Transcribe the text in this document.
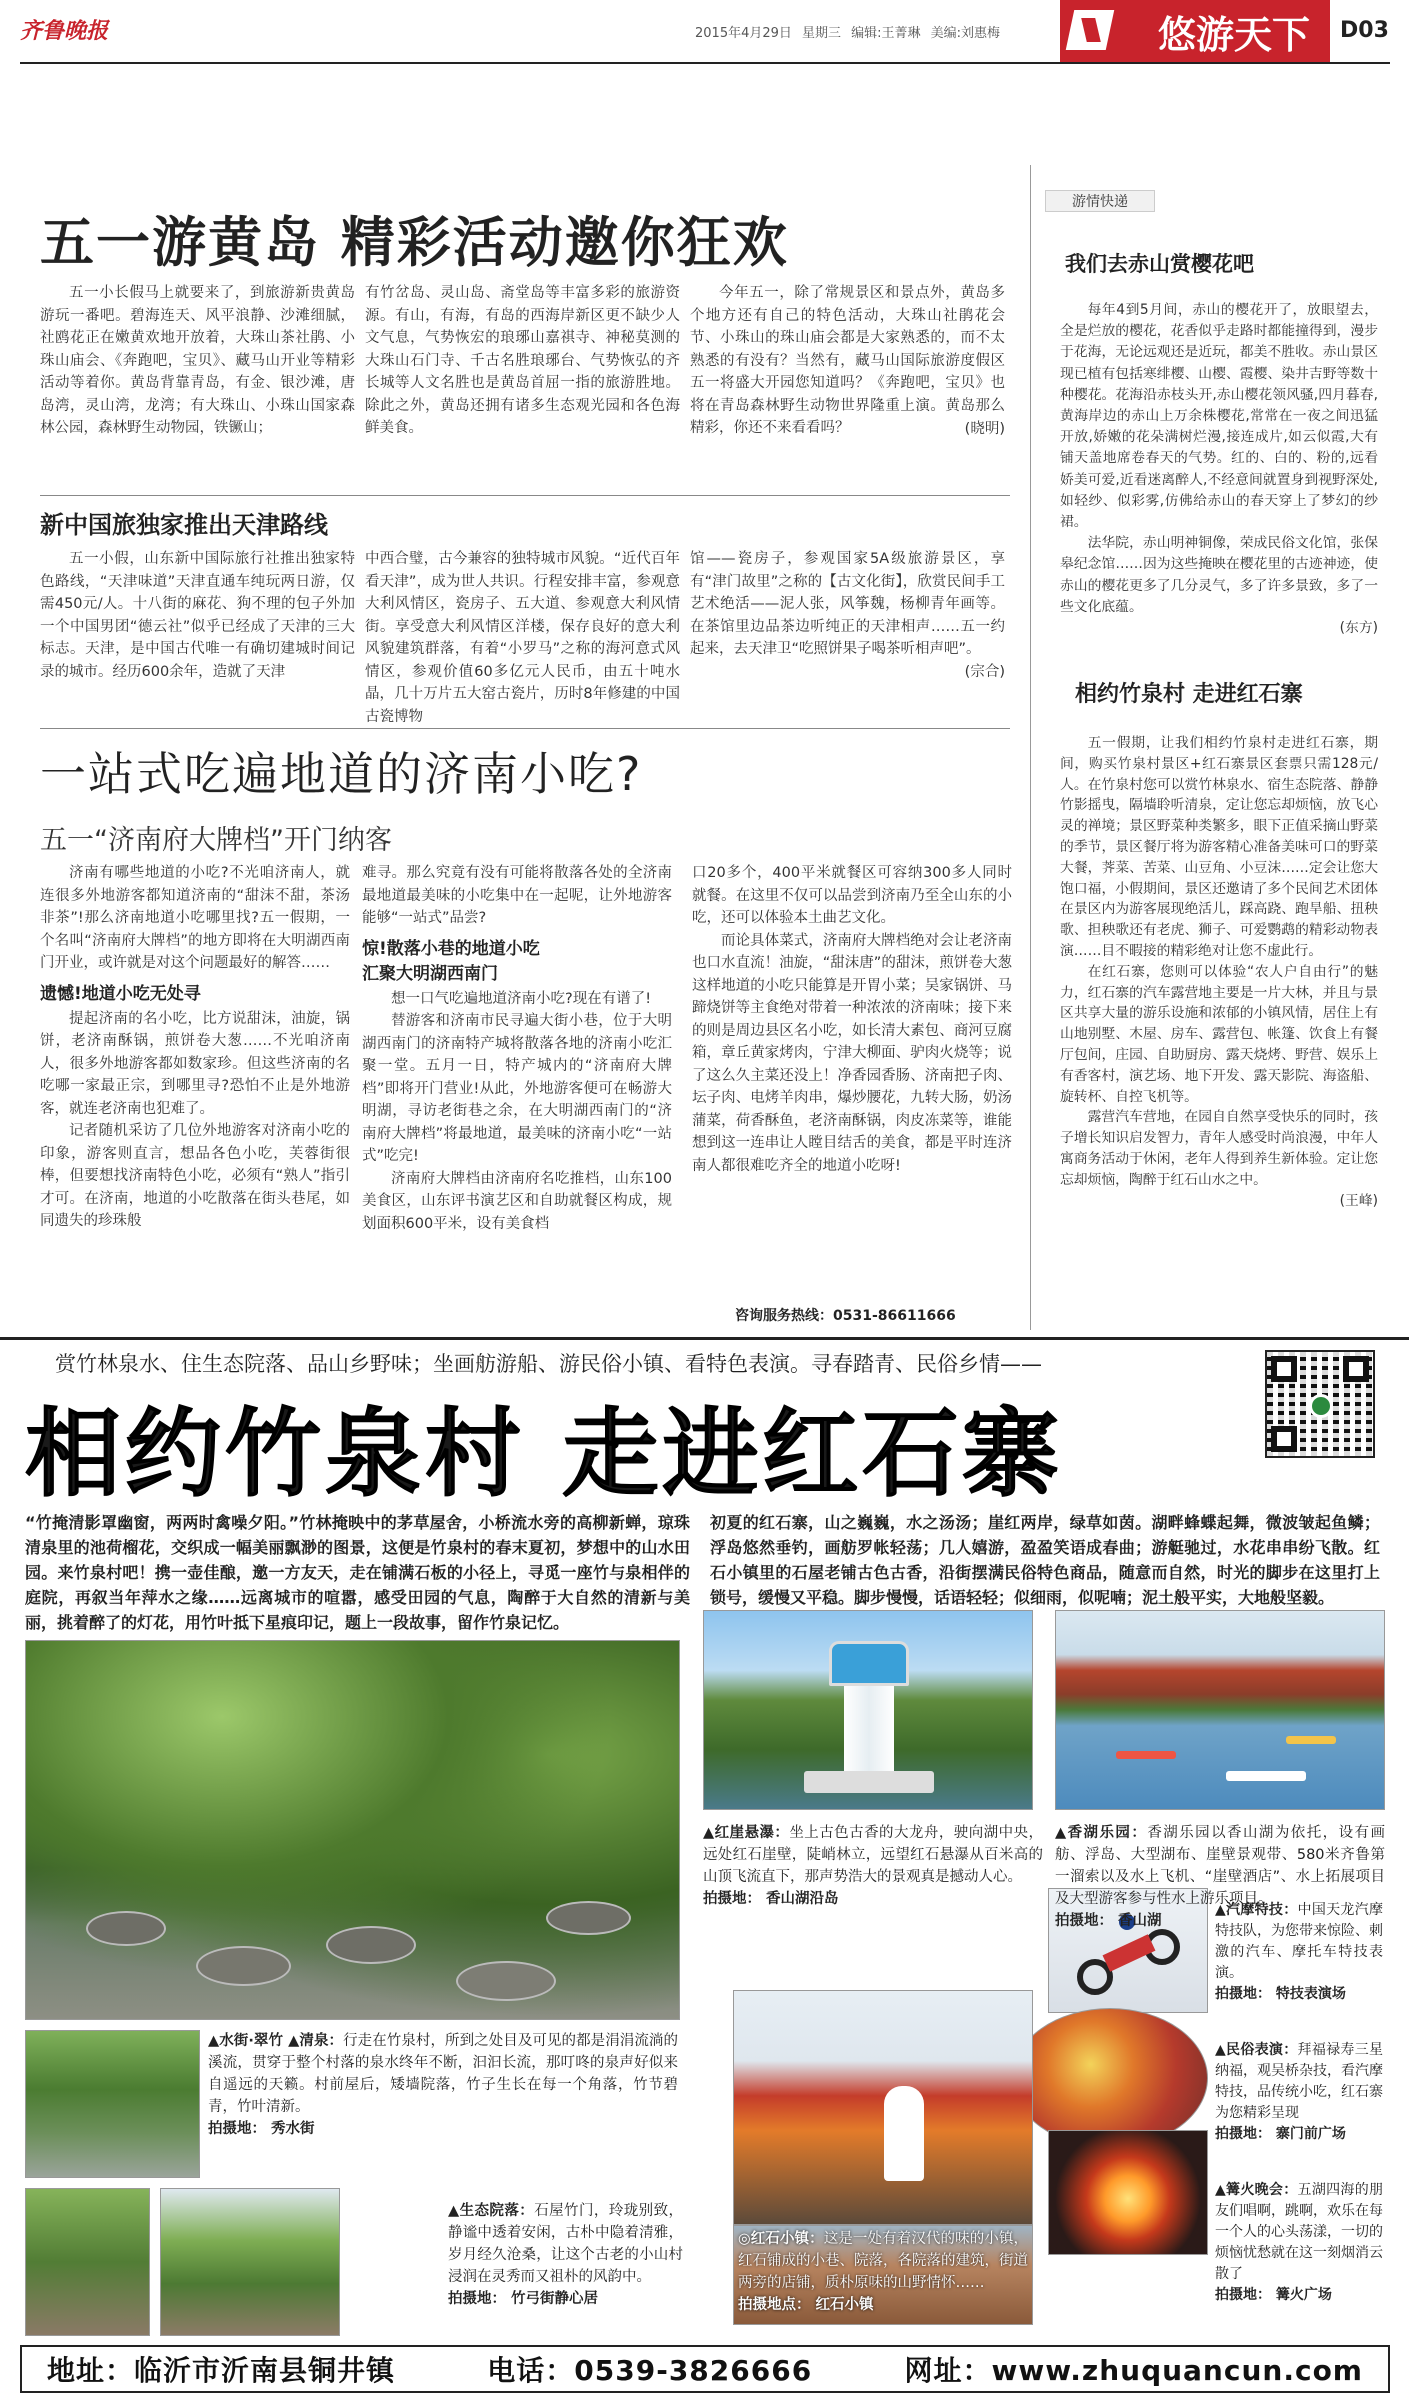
齐鲁晚报	2015年4月29日 星期三 编辑:王菁琳 美编:刘惠梅	悠游天下 D03
游情快递
我们去赤山赏樱花吧

每年4到5月间，赤山的樱花开了，放眼望去，全是烂放的樱花，花香似乎走路时都能撞得到，漫步于花海，无论远观还是近玩，都美不胜收。赤山景区现已植有包括寒绯樱、山樱、霞樱、染井吉野等数十种樱花。花海沿赤枝头开,赤山樱花领风骚,四月暮春,黄海岸边的赤山上万余株樱花,常常在一夜之间迅猛开放,娇嫩的花朵满树烂漫,接连成片,如云似霞,大有铺天盖地席卷春天的气势。红的、白的、粉的,远看娇美可爱,近看迷离醉人,不经意间就置身到视野深处,如轻纱、似彩雾,仿佛给赤山的春天穿上了梦幻的纱裙。

法华院，赤山明神铜像，荣成民俗文化馆，张保皋纪念馆……因为这些掩映在樱花里的古迹神迹，使赤山的樱花更多了几分灵气，多了许多景致，多了一些文化底蕴。

(东方)

相约竹泉村 走进红石寨

五一假期，让我们相约竹泉村走进红石寨，期间，购买竹泉村景区+红石寨景区套票只需128元/人。在竹泉村您可以赏竹林泉水、宿生态院落、静静竹影摇曳，隔墙聆听清泉，定让您忘却烦恼，放飞心灵的禅境；景区野菜种类繁多，眼下正值采摘山野菜的季节，景区餐厅将为游客精心准备美味可口的野菜大餐，荠菜、苦菜、山豆角、小豆沫……定会让您大饱口福，小假期间，景区还邀请了多个民间艺术团体在景区内为游客展现绝活儿，踩高跷、跑旱船、扭秧歌、担秧歌还有老虎、狮子、可爱鹦鹉的精彩动物表演……目不暇接的精彩绝对让您不虚此行。

在红石寨，您则可以体验“农人户自由行”的魅力，红石寨的汽车露营地主要是一片大林，并且与景区共享大量的游乐设施和浓郁的小镇风情，居住上有山地别墅、木屋、房车、露营包、帐篷、饮食上有餐厅包间，庄园、自助厨房、露天烧烤、野营、娱乐上有香客村，演艺场、地下开发、露天影院、海盗船、旋转杯、自控飞机等。

露营汽车营地，在园自自然享受快乐的同时，孩子增长知识启发智力，青年人感受时尚浪漫，中年人寓商务活动于休闲，老年人得到养生新体验。定让您忘却烦恼，陶醉于红石山水之中。

(王峰)

五一游黄岛 精彩活动邀你狂欢

五一小长假马上就要来了，到旅游新贵黄岛游玩一番吧。碧海连天、风平浪静、沙滩细腻，社鸥花正在嫩黄欢地开放着，大珠山茶社鹃、小珠山庙会、《奔跑吧，宝贝》、藏马山开业等精彩活动等着你。黄岛背靠青岛，有金、银沙滩，唐岛湾，灵山湾，龙湾；有大珠山、小珠山国家森林公园，森林野生动物园，铁镢山；

有竹岔岛、灵山岛、斋堂岛等丰富多彩的旅游资源。有山，有海，有岛的西海岸新区更不缺少人文气息，气势恢宏的琅琊山嘉祺寺、神秘莫测的大珠山石门寺、千古名胜琅琊台、气势恢弘的齐长城等人文名胜也是黄岛首屈一指的旅游胜地。除此之外，黄岛还拥有诸多生态观光园和各色海鲜美食。

今年五一，除了常规景区和景点外，黄岛多个地方还有自己的特色活动，大珠山社鹃花会节、小珠山的珠山庙会都是大家熟悉的，而不太熟悉的有没有？当然有，藏马山国际旅游度假区五一将盛大开园您知道吗？《奔跑吧，宝贝》也将在青岛森林野生动物世界隆重上演。黄岛那么精彩，你还不来看看吗？	(晓明)

新中国旅独家推出天津路线

五一小假，山东新中国际旅行社推出独家特色路线，“天津味道”天津直通车纯玩两日游，仅需450元/人。十八街的麻花、狗不理的包子外加一个中国男团“德云社”似乎已经成了天津的三大标志。天津，是中国古代唯一有确切建城时间记录的城市。经历600余年，造就了天津

中西合璧，古今兼容的独特城市风貌。“近代百年看天津”，成为世人共识。行程安排丰富，参观意大利风情区，瓷房子、五大道、参观意大利风情街。享受意大利风情区洋楼，保存良好的意大利风貌建筑群落，有着“小罗马”之称的海河意式风情区，参观价值60多亿元人民币，由五十吨水晶，几十万片五大窑古瓷片，历时8年修建的中国古瓷博物

馆——瓷房子，参观国家5A级旅游景区，享有“津门故里”之称的【古文化街】，欣赏民间手工艺术绝活——泥人张，风筝魏，杨柳青年画等。在茶馆里边品茶边听纯正的天津相声……五一约起来，去天津卫“吃照饼果子喝茶听相声吧”。

(宗合)

一站式吃遍地道的济南小吃?
五一“济南府大牌档”开门纳客

济南有哪些地道的小吃?不光咱济南人，就连很多外地游客都知道济南的“甜沫不甜，茶汤非茶”!那么济南地道小吃哪里找?五一假期，一个名叫“济南府大牌档”的地方即将在大明湖西南门开业，或许就是对这个问题最好的解答……

遗憾!地道小吃无处寻

提起济南的名小吃，比方说甜沫，油旋，锅饼，老济南酥锅，煎饼卷大葱……不光咱济南人，很多外地游客都如数家珍。但这些济南的名吃哪一家最正宗，到哪里寻?恐怕不止是外地游客，就连老济南也犯难了。

记者随机采访了几位外地游客对济南小吃的印象，游客则直言，想品各色小吃，芙蓉街很棒，但要想找济南特色小吃，必须有“熟人”指引才可。在济南，地道的小吃散落在街头巷尾，如同遗失的珍珠般

难寻。那么究竟有没有可能将散落各处的全济南最地道最美味的小吃集中在一起呢，让外地游客能够“一站式”品尝?

惊!散落小巷的地道小吃
汇聚大明湖西南门

想一口气吃遍地道济南小吃?现在有谱了!

替游客和济南市民寻遍大街小巷，位于大明湖西南门的济南特产城将散落各地的济南小吃汇聚一堂。五月一日，特产城内的“济南府大牌档”即将开门营业!从此，外地游客便可在畅游大明湖，寻访老街巷之余，在大明湖西南门的“济南府大牌档”将最地道，最美味的济南小吃“一站式”吃完!

济南府大牌档由济南府名吃推档，山东100美食区，山东评书演艺区和自助就餐区构成，规划面积600平米，设有美食档

口20多个，400平米就餐区可容纳300多人同时就餐。在这里不仅可以品尝到济南乃至全山东的小吃，还可以体验本土曲艺文化。

而论具体菜式，济南府大牌档绝对会让老济南也口水直流！油旋，“甜沫唐”的甜沫，煎饼卷大葱这样地道的小吃只能算是开胃小菜；吴家锅饼、马蹄烧饼等主食绝对带着一种浓浓的济南味；接下来的则是周边县区名小吃，如长清大素包、商河豆腐箱，章丘黄家烤肉，宁津大柳面、驴肉火烧等；说了这么久主菜还没上！净香园香肠、济南把子肉、坛子肉、电烤羊肉串，爆炒腰花，九转大肠，奶汤蒲菜，荷香酥鱼，老济南酥锅，肉皮冻菜等，谁能想到这一连串让人瞠目结舌的美食，都是平时连济南人都很难吃齐全的地道小吃呀!

咨询服务热线：0531-86611666
赏竹林泉水、住生态院落、品山乡野味；坐画舫游船、游民俗小镇、看特色表演。寻春踏青、民俗乡情——
相约竹泉村 走进红石寨

“竹掩清影罩幽窗，两两时禽噪夕阳。”竹林掩映中的茅草屋舍，小桥流水旁的高柳新蝉，琼珠清泉里的池荷榴花，交织成一幅美丽飘渺的图景，这便是竹泉村的春末夏初，梦想中的山水田园。来竹泉村吧！携一壶佳酿，邀一方友天，走在铺满石板的小径上，寻觅一座竹与泉相伴的庭院，再叙当年萍水之缘……远离城市的喧嚣，感受田园的气息，陶醉于大自然的清新与美丽，挑着醉了的灯花，用竹叶抵下星痕印记，题上一段故事，留作竹泉记忆。

初夏的红石寨，山之巍巍，水之汤汤；崖红两岸，绿草如茵。湖畔蜂蝶起舞，微波皱起鱼鳞；浮岛悠然垂钓，画舫罗帐轻荡；几人嬉游，盈盈笑语成春曲；游艇驰过，水花串串纷飞散。红石小镇里的石屋老铺古色古香，沿街摆满民俗特色商品，随意而自然，时光的脚步在这里打上锁号，缓慢又平稳。脚步慢慢，话语轻轻；似细雨，似呢喃；泥土般平实，大地般坚毅。

▲红崖悬瀑：坐上古色古香的大龙舟，驶向湖中央，远处红石崖壁，陡峭林立，远望红石悬瀑从百米高的山顶飞流直下，那声势浩大的景观真是撼动人心。
拍摄地： 香山湖沿岛
▲香湖乐园：香湖乐园以香山湖为依托，设有画舫、浮岛、大型湖布、崖壁景观带、580米齐鲁第一溜索以及水上飞机、“崖壁酒店”、水上拓展项目及大型游客参与性水上游乐项目。
拍摄地： 香山湖
▲汽摩特技：中国天龙汽摩特技队，为您带来惊险、刺激的汽车、摩托车特技表演。
拍摄地： 特技表演场
▲民俗表演：拜福禄寿三星纳福，观吴桥杂技，看汽摩特技，品传统小吃，红石寨为您精彩呈现
拍摄地： 寨门前广场
▲篝火晚会：五湖四海的朋友们唱啊，跳啊，欢乐在每一个人的心头荡漾，一切的烦恼忧愁就在这一刻烟消云散了
拍摄地： 篝火广场
▲水街·翠竹 ▲清泉：行走在竹泉村，所到之处目及可见的都是涓涓流淌的溪流，贯穿于整个村落的泉水终年不断，汩汩长流，那叮咚的泉声好似来自遥远的天籁。村前屋后，矮墙院落，竹子生长在每一个角落，竹节碧青，竹叶清新。
拍摄地： 秀水街
▲生态院落：石屋竹门，玲珑别致，静谧中透着安闲，古朴中隐着清雅，岁月经久沧桑，让这个古老的小山村浸润在灵秀而又祖朴的风韵中。
拍摄地： 竹弓街静心居
◎红石小镇：这是一处有着汉代的味的小镇，红石铺成的小巷、院落，各院落的建筑，街道两旁的店铺，质朴原味的山野情怀……
拍摄地点： 红石小镇
地址：临沂市沂南县铜井镇	电话：0539-3826666	网址：www.zhuquancun.com
